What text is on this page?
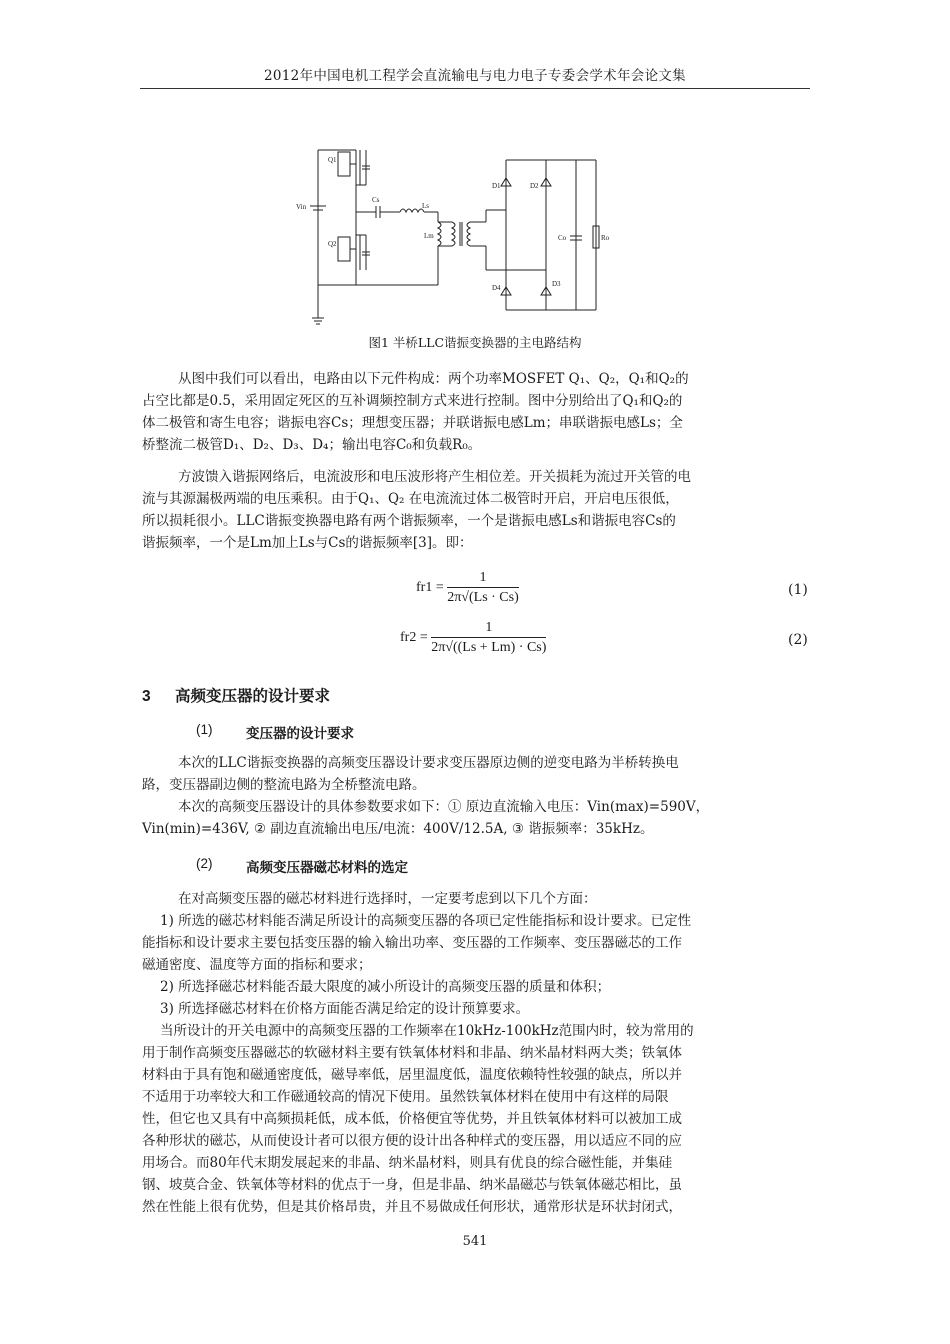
2012年中国电机工程学会直流输电与电力电子专委会学术年会论文集
Vin
Q1
Q2
Cs
Ls
Lm
D1	D2
D4	D3
Co	Ro
图1 半桥LLC谐振变换器的主电路结构
从图中我们可以看出，电路由以下元件构成：两个功率MOSFET Q₁、Q₂，Q₁和Q₂的
占空比都是0.5，采用固定死区的互补调频控制方式来进行控制。图中分别给出了Q₁和Q₂的
体二极管和寄生电容；谐振电容Cs；理想变压器；并联谐振电感Lm；串联谐振电感Ls；全
桥整流二极管D₁、D₂、D₃、D₄；输出电容C₀和负载R₀。
方波馈入谐振网络后，电流波形和电压波形将产生相位差。开关损耗为流过开关管的电
流与其源漏极两端的电压乘积。由于Q₁、Q₂ 在电流流过体二极管时开启，开启电压很低，
所以损耗很小。LLC谐振变换器电路有两个谐振频率，一个是谐振电感Ls和谐振电容Cs的
谐振频率，一个是Lm加上Ls与Cs的谐振频率[3]。即：
$fr1 = \frac{1}{2\pi√(Ls \cdot Cs)}$	(1)
$fr2 = \frac{1}{2\pi√((Ls + Lm) \cdot Cs)}$	(2)
3 高频变压器的设计要求
(1) 变压器的设计要求
本次的LLC谐振变换器的高频变压器设计要求变压器原边侧的逆变电路为半桥转换电
路，变压器副边侧的整流电路为全桥整流电路。
本次的高频变压器设计的具体参数要求如下：① 原边直流输入电压：Vin(max)=590V，
Vin(min)=436V, ② 副边直流输出电压/电流：400V/12.5A, ③ 谐振频率：35kHz。
(2) 高频变压器磁芯材料的选定
在对高频变压器的磁芯材料进行选择时，一定要考虑到以下几个方面：
1) 所选的磁芯材料能否满足所设计的高频变压器的各项已定性能指标和设计要求。已定性
能指标和设计要求主要包括变压器的输入输出功率、变压器的工作频率、变压器磁芯的工作
磁通密度、温度等方面的指标和要求；
2) 所选择磁芯材料能否最大限度的减小所设计的高频变压器的质量和体积；
3) 所选择磁芯材料在价格方面能否满足给定的设计预算要求。
当所设计的开关电源中的高频变压器的工作频率在10kHz-100kHz范围内时，较为常用的
用于制作高频变压器磁芯的软磁材料主要有铁氧体材料和非晶、纳米晶材料两大类；铁氧体
材料由于具有饱和磁通密度低，磁导率低，居里温度低，温度依赖特性较强的缺点，所以并
不适用于功率较大和工作磁通较高的情况下使用。虽然铁氧体材料在使用中有这样的局限
性，但它也又具有中高频损耗低，成本低，价格便宜等优势，并且铁氧体材料可以被加工成
各种形状的磁芯，从而使设计者可以很方便的设计出各种样式的变压器，用以适应不同的应
用场合。而80年代末期发展起来的非晶、纳米晶材料，则具有优良的综合磁性能，并集硅
钢、坡莫合金、铁氧体等材料的优点于一身，但是非晶、纳米晶磁芯与铁氧体磁芯相比，虽
然在性能上很有优势，但是其价格昂贵，并且不易做成任何形状，通常形状是环状封闭式，
541
